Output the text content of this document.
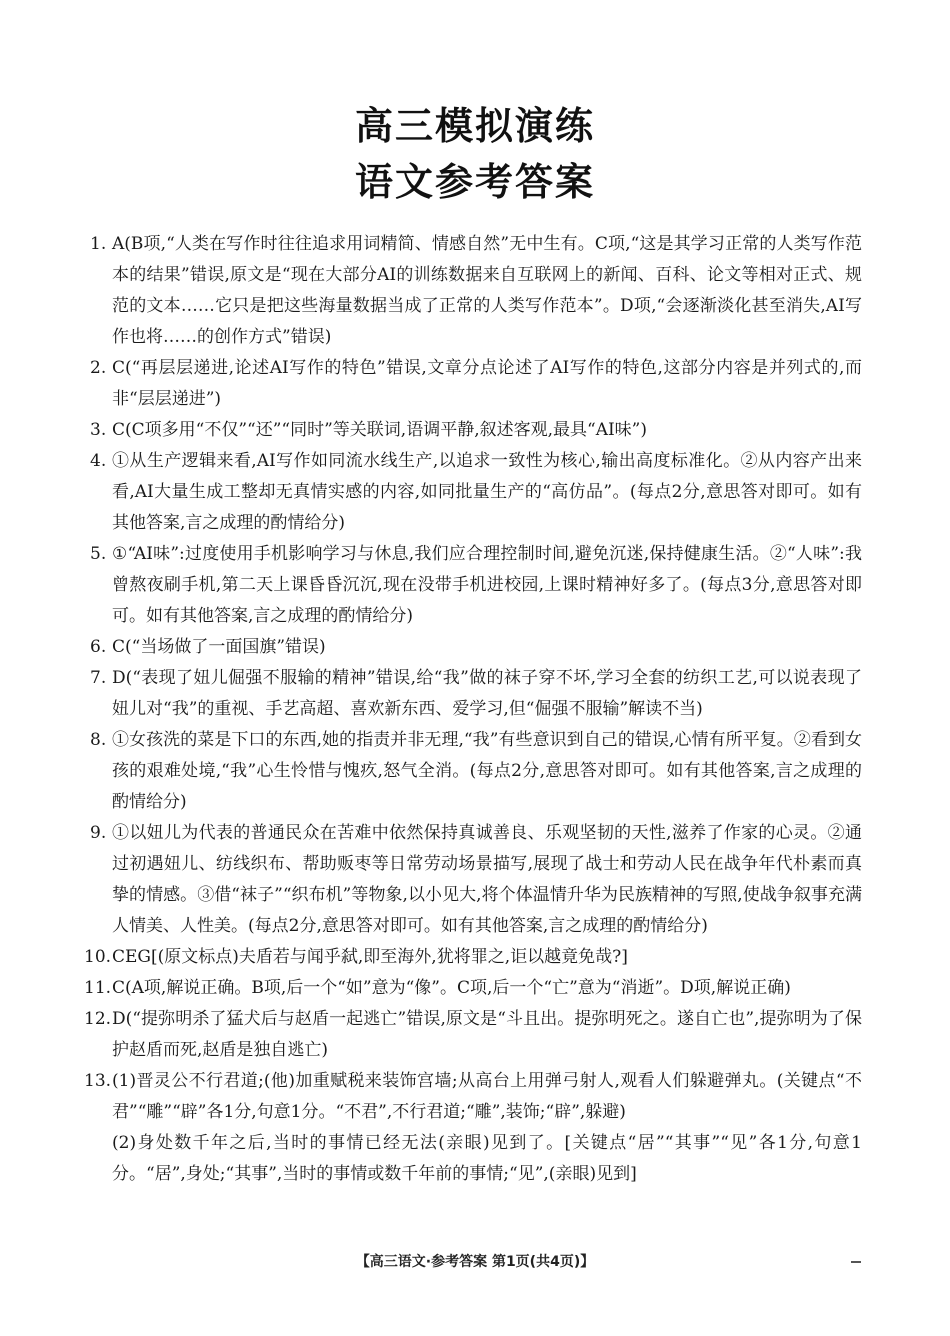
高三模拟演练
语文参考答案
1. A(B项,“人类在写作时往往追求用词精简、情感自然”无中生有。C项,“这是其学习正常的人类写作范本的结果”错误,原文是“现在大部分AI的训练数据来自互联网上的新闻、百科、论文等相对正式、规范的文本……它只是把这些海量数据当成了正常的人类写作范本”。D项,“会逐渐淡化甚至消失,AI写作也将……的创作方式”错误)
2. C(“再层层递进,论述AI写作的特色”错误,文章分点论述了AI写作的特色,这部分内容是并列式的,而非“层层递进”)
3. C(C项多用“不仅”“还”“同时”等关联词,语调平静,叙述客观,最具“AI味”)
4. ①从生产逻辑来看,AI写作如同流水线生产,以追求一致性为核心,输出高度标准化。②从内容产出来看,AI大量生成工整却无真情实感的内容,如同批量生产的“高仿品”。(每点2分,意思答对即可。如有其他答案,言之成理的酌情给分)
5. ①“AI味”:过度使用手机影响学习与休息,我们应合理控制时间,避免沉迷,保持健康生活。②“人味”:我曾熬夜刷手机,第二天上课昏昏沉沉,现在没带手机进校园,上课时精神好多了。(每点3分,意思答对即可。如有其他答案,言之成理的酌情给分)
6. C(“当场做了一面国旗”错误)
7. D(“表现了妞儿倔强不服输的精神”错误,给“我”做的袜子穿不坏,学习全套的纺织工艺,可以说表现了妞儿对“我”的重视、手艺高超、喜欢新东西、爱学习,但“倔强不服输”解读不当)
8. ①女孩洗的菜是下口的东西,她的指责并非无理,“我”有些意识到自己的错误,心情有所平复。②看到女孩的艰难处境,“我”心生怜惜与愧疚,怒气全消。(每点2分,意思答对即可。如有其他答案,言之成理的酌情给分)
9. ①以妞儿为代表的普通民众在苦难中依然保持真诚善良、乐观坚韧的天性,滋养了作家的心灵。②通过初遇妞儿、纺线织布、帮助贩枣等日常劳动场景描写,展现了战士和劳动人民在战争年代朴素而真挚的情感。③借“袜子”“织布机”等物象,以小见大,将个体温情升华为民族精神的写照,使战争叙事充满人情美、人性美。(每点2分,意思答对即可。如有其他答案,言之成理的酌情给分)
10. CEG[(原文标点)夫盾若与闻乎弑,即至海外,犹将罪之,讵以越竟免哉?]
11. C(A项,解说正确。B项,后一个“如”意为“像”。C项,后一个“亡”意为“消逝”。D项,解说正确)
12. D(“提弥明杀了猛犬后与赵盾一起逃亡”错误,原文是“斗且出。提弥明死之。遂自亡也”,提弥明为了保护赵盾而死,赵盾是独自逃亡)
13. (1)晋灵公不行君道;(他)加重赋税来装饰宫墙;从高台上用弹弓射人,观看人们躲避弹丸。(关键点“不君”“雕”“辟”各1分,句意1分。“不君”,不行君道;“雕”,装饰;“辟”,躲避)
(2)身处数千年之后,当时的事情已经无法(亲眼)见到了。[关键点“居”“其事”“见”各1分,句意1分。“居”,身处;“其事”,当时的事情或数千年前的事情;“见”,(亲眼)见到]
【高三语文·参考答案 第1页(共4页)】
